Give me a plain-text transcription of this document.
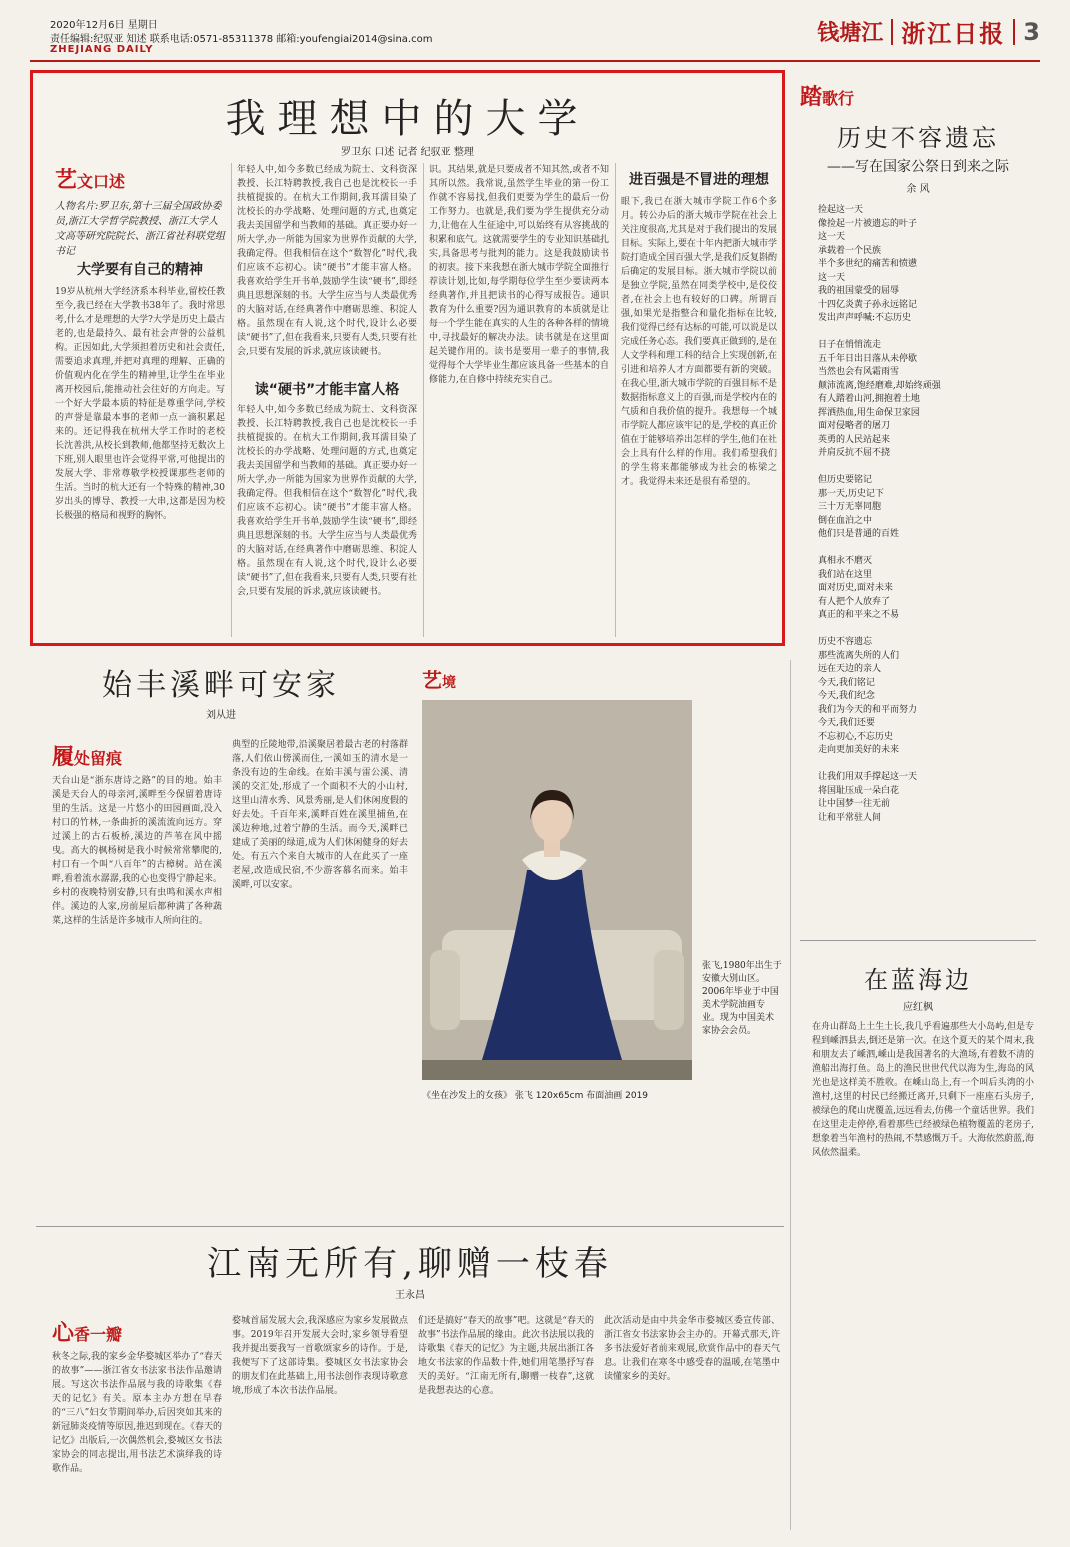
2020年12月6日 星期日
责任编辑:纪驭亚 知述 联系电话:0571-85311378 邮箱:youfengiai2014@sina.com
ZHEJIANG DAILY
钱塘江 浙江日报 3
我理想中的大学
罗卫东 口述 记者 纪驭亚 整理
艺文口述
人物名片:罗卫东,第十三届全国政协委员,浙江大学哲学院教授、浙江大学人文高等研究院院长、浙江省社科联党组书记
大学要有自己的精神
19岁从杭州大学经济系本科毕业,留校任教至今,我已经在大学教书38年了。我时常思考,什么才是理想的大学?大学是历史上最古老的,也是最持久、最有社会声誉的公益机构。正因如此,大学须担着历史和社会责任,需要追求真理,并把对真理的理解、正确的价值观内化在学生的精神里,让学生在毕业离开校园后,能推动社会往好的方向走。写一个好大学最本质的特征是尊重学问,学校的声誉是靠最本事的老师一点一滴积累起来的。还记得我在杭州大学工作时的老校长沈善洪,从校长到教师,他都坚持无数次上下班,别人眼里也许会觉得平常,可他提出的发展大学、非常尊敬学校授课那些老师的生活。当时的杭大还有一个特殊的精神,30岁出头的博导、教授一大串,这都是因为校长极强的格局和视野的胸怀。
年轻人中,如今多数已经成为院士、文科资深教授、长江特聘教授,我自己也是沈校长一手扶植提拔的。在杭大工作期间,我耳濡目染了沈校长的办学战略、处理问题的方式,也奠定我去美国留学和当教师的基础。真正要办好一所大学,办一所能为国家为世界作贡献的大学,我确定得。但我相信在这个“数智化”时代,我们应该不忘初心。读“硬书”才能丰富人格。我喜欢给学生开书单,鼓励学生读“硬书”,即经典且思想深刻的书。大学生应当与人类最优秀的大脑对话,在经典著作中磨砺思维、积淀人格。虽然现在有人说,这个时代,设计么必要读“硬书”了,但在我看来,只要有人类,只要有社会,只要有发展的诉求,就应该读硬书。
读“硬书”才能丰富人格
年轻人中,如今多数已经成为院士、文科资深教授、长江特聘教授,我自己也是沈校长一手扶植提拔的。在杭大工作期间,我耳濡目染了沈校长的办学战略、处理问题的方式,也奠定我去美国留学和当教师的基础。真正要办好一所大学,办一所能为国家为世界作贡献的大学,我确定得。但我相信在这个“数智化”时代,我们应该不忘初心。读“硬书”才能丰富人格。我喜欢给学生开书单,鼓励学生读“硬书”,即经典且思想深刻的书。大学生应当与人类最优秀的大脑对话,在经典著作中磨砺思维、积淀人格。虽然现在有人说,这个时代,设计么必要读“硬书”了,但在我看来,只要有人类,只要有社会,只要有发展的诉求,就应该读硬书。
识。其结果,就是只要成者不知其然,或者不知其所以然。我常说,虽然学生毕业的第一份工作就不容易找,但我们更要为学生的最后一份工作努力。也就是,我们要为学生提供充分动力,让他在人生征途中,可以始终有从容挑战的积累和底气。这就需要学生的专业知识基础扎实,具备思考与批判的能力。这是我鼓励读书的初衷。接下来我想在浙大城市学院全面推行荐读计划,比如,每学期每位学生至少要读两本经典著作,并且把读书的心得写成报告。通识教育为什么重要?因为通识教育的本质就是让每一个学生能在真实的人生的各种各样的情境中,寻找最好的解决办法。读书就是在这里面起关键作用的。读书是要用一辈子的事情,我觉得每个大学毕业生都应该具备一些基本的自修能力,在自修中持续充实自己。
进百强是不冒进的理想
眼下,我已在浙大城市学院工作6个多月。转公办后的浙大城市学院在社会上关注度很高,尤其是对于我们提出的发展目标。实际上,要在十年内把浙大城市学院打造成全国百强大学,是我们反复斟酌后确定的发展目标。浙大城市学院以前是独立学院,虽然在同类学校中,是佼佼者,在社会上也有较好的口碑。所谓百强,如果光是指整合和量化指标在比较,我们觉得已经有达标的可能,可以说是以完成任务心态。我们要真正做到的,是在人文学科和理工科的结合上实现创新,在引进和培养人才方面都要有新的突破。在我心里,浙大城市学院的百强目标不是数据指标意义上的百强,而是学校内在的气质和自我价值的提升。我想每一个城市学院人都应该牢记的是,学校的真正价值在于能够培养出怎样的学生,他们在社会上具有什么样的作用。我们希望我们的学生将来都能够成为社会的栋梁之才。我觉得未来还是很有希望的。
踏歌行
历史不容遗忘
——写在国家公祭日到来之际
余 风
捡起这一天
像捡起一片被遗忘的叶子
这一天
承载着一个民族
半个多世纪的痛苦和愤懑
这一天
我的祖国蒙受的屈辱
十四亿炎黄子孙永远铭记
发出声声呼喊:不忘历史
日子在悄悄流走
五千年日出日落从未停歇
当然也会有风霜雨雪
颠沛流离,饱经磨难,却始终顽强
有人踏着山河,拥抱着土地
挥洒热血,用生命保卫家园
面对侵略者的屠刀
英勇的人民站起来
并肩反抗不屈不挠
但历史要铭记
那一天,历史记下
三十万无辜同胞
倒在血泊之中
他们只是普通的百姓
真相永不磨灭
我们站在这里
面对历史,面对未来
有人把个人放弃了
真正的和平来之不易
历史不容遗忘
那些流离失所的人们
远在天边的亲人
今天,我们铭记
今天,我们纪念
我们为今天的和平而努力
今天,我们还要
不忘初心,不忘历史
走向更加美好的未来
让我们用双手撑起这一天
将国耻压成一朵白花
让中国梦一往无前
让和平常驻人间
在蓝海边
应红枫
在舟山群岛上土生土长,我几乎看遍那些大小岛屿,但是专程到嵊泗县去,倒还是第一次。在这个夏天的某个周末,我和朋友去了嵊泗,嵊山是我国著名的大渔场,有着数不清的渔船出海打鱼。岛上的渔民世世代代以海为生,海岛的风光也是这样美不胜收。在嵊山岛上,有一个叫后头湾的小渔村,这里的村民已经搬迁离开,只剩下一座座石头房子,被绿色的爬山虎覆盖,远远看去,仿佛一个童话世界。我们在这里走走停停,看着那些已经被绿色植物覆盖的老房子,想象着当年渔村的热闹,不禁感慨万千。大海依然蔚蓝,海风依然温柔。
始丰溪畔可安家
刘从进
履处留痕
天台山是“浙东唐诗之路”的目的地。始丰溪是天台人的母亲河,溪畔至今保留着唐诗里的生活。这是一片悠小的田园画面,没入村口的竹林,一条曲折的溪流流向远方。穿过溪上的古石板桥,溪边的芦苇在风中摇曳。高大的枫杨树是我小时候常常攀爬的,村口有一个叫“八百年”的古樟树。站在溪畔,看着流水潺潺,我的心也变得宁静起来。乡村的夜晚特别安静,只有虫鸣和溪水声相伴。溪边的人家,房前屋后都种满了各种蔬菜,这样的生活是许多城市人所向往的。
典型的丘陵地带,沿溪聚居着最古老的村落群落,人们依山傍溪而住,一溪如玉的清水是一条没有边的生命线。在始丰溪与雷公溪、清溪的交汇处,形成了一个面积不大的小山村,这里山清水秀、风景秀丽,是人们休闲度假的好去处。千百年来,溪畔百姓在溪里捕鱼,在溪边种地,过着宁静的生活。而今天,溪畔已建成了美丽的绿道,成为人们休闲健身的好去处。有五六个来自大城市的人在此买了一座老屋,改造成民宿,不少游客慕名而来。始丰溪畔,可以安家。
艺境
张飞,1980年出生于安徽大别山区。2006年毕业于中国美术学院油画专业。现为中国美术家协会会员。
《坐在沙发上的女孩》 张飞 120x65cm 布面油画 2019
江南无所有,聊赠一枝春
王永昌
心香一瓣
秋冬之际,我的家乡金华婺城区举办了“春天的故事”——浙江省女书法家书法作品邀请展。写这次书法作品展与我的诗歌集《春天的记忆》有关。原本主办方想在早春的“三八”妇女节期间举办,后因突如其来的新冠肺炎疫情等原因,推迟到现在。《春天的记忆》出版后,一次偶然机会,婺城区女书法家协会的同志提出,用书法艺术演绎我的诗歌作品。
婺城首届发展大会,我深感应为家乡发展做点事。2019年召开发展大会时,家乡领导看望我并提出要我写一首歌颂家乡的诗作。于是,我便写下了这部诗集。婺城区女书法家协会的朋友们在此基础上,用书法创作表现诗歌意境,形成了本次书法作品展。
们还是搞好“春天的故事”吧。这就是“春天的故事”书法作品展的缘由。此次书法展以我的诗歌集《春天的记忆》为主题,共展出浙江各地女书法家的作品数十件,她们用笔墨抒写春天的美好。“江南无所有,聊赠一枝春”,这就是我想表达的心意。
此次活动是由中共金华市婺城区委宣传部、浙江省女书法家协会主办的。开幕式那天,许多书法爱好者前来观展,欣赏作品中的春天气息。让我们在寒冬中感受春的温暖,在笔墨中读懂家乡的美好。
